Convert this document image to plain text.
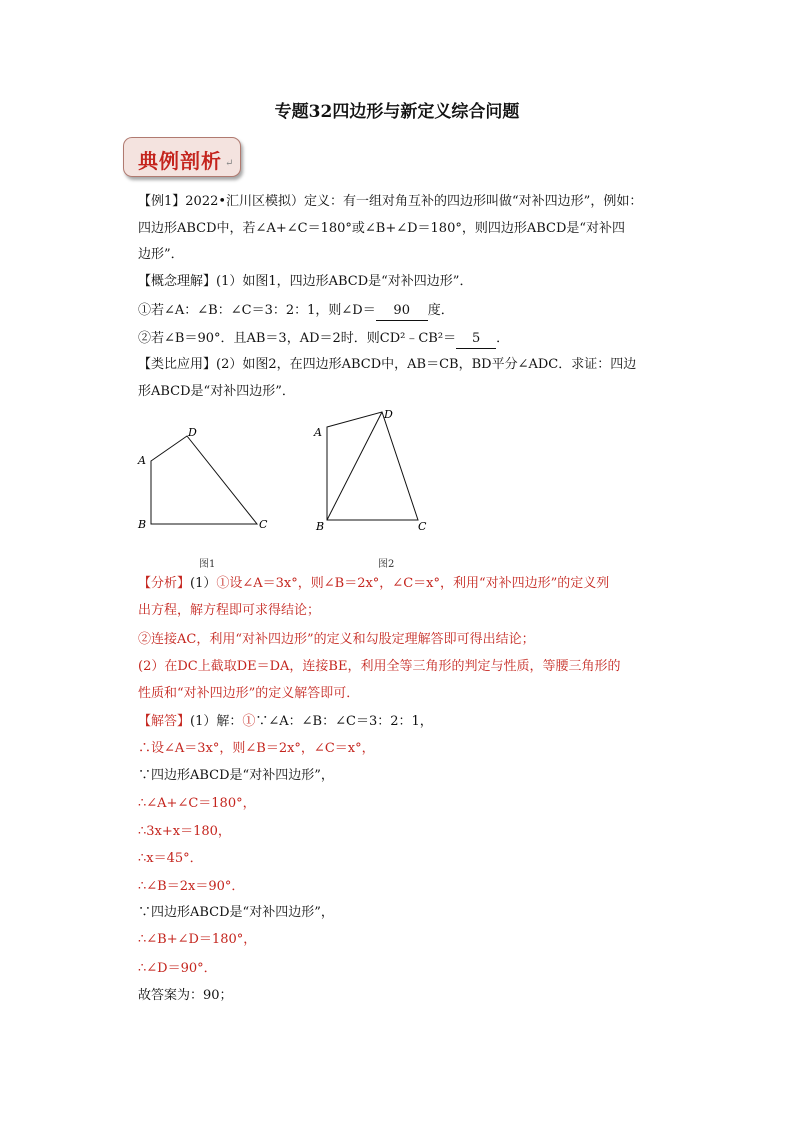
专题32四边形与新定义综合问题
典例剖析 ↵
【例1】2022•汇川区模拟）定义：有一组对角互补的四边形叫做“对补四边形”，例如：
四边形ABCD中，若∠A+∠C＝180°或∠B+∠D＝180°，则四边形ABCD是“对补四
边形”．
【概念理解】(1）如图1，四边形ABCD是“对补四边形”．
①若∠A：∠B：∠C＝3：2：1，则∠D＝ 90 度．
②若∠B＝90°．且AB＝3，AD＝2时．则CD²﹣CB²＝ 5 ．
【类比应用】(2）如图2，在四边形ABCD中，AB＝CB，BD平分∠ADC．求证：四边
形ABCD是“对补四边形”．
【分析】(1）①设∠A＝3x°，则∠B＝2x°，∠C＝x°，利用“对补四边形”的定义列
出方程，解方程即可求得结论；
②连接AC，利用“对补四边形”的定义和勾股定理解答即可得出结论；
(2）在DC上截取DE＝DA，连接BE，利用全等三角形的判定与性质，等腰三角形的
性质和“对补四边形”的定义解答即可．
【解答】(1）解：①∵∠A：∠B：∠C＝3：2：1，
∴设∠A＝3x°，则∠B＝2x°，∠C＝x°，
∵四边形ABCD是“对补四边形”，
∴∠A+∠C＝180°，
∴3x+x＝180，
∴x＝45°．
∴∠B＝2x＝90°．
∵四边形ABCD是“对补四边形”，
∴∠B+∠D＝180°，
∴∠D＝90°．
故答案为：90；
A
D
B	C
图1
A
D
B	C
图2
